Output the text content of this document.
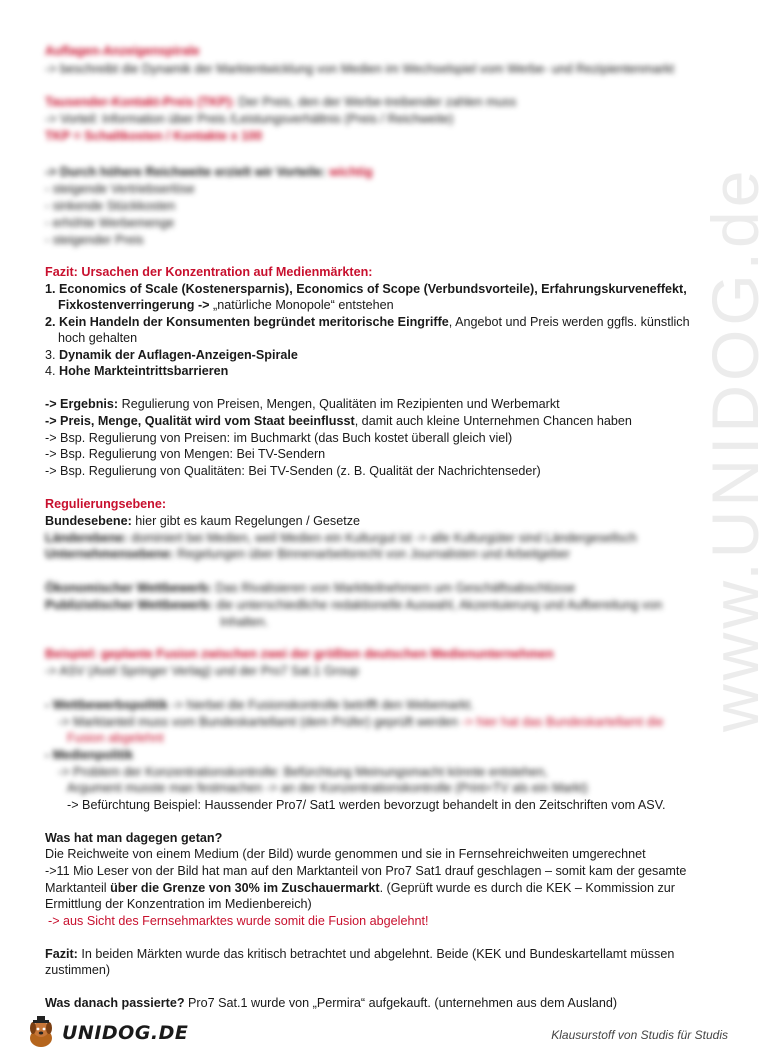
www.UNIDOG.de
Auflagen-Anzeigenspirale
-> beschreibt die Dynamik der Marktentwicklung von Medien im Wechselspiel vom Werbe- und Rezipientenmarkt
Tausender-Kontakt-Preis (TKP): Der Preis, den der Werbe-treibender zahlen muss
-> Vorteil: Information über Preis /Leistungsverhältnis (Preis / Reichweite)
TKP = Schaltkosten / Kontakte x 100
-> Durch höhere Reichweite erzielt wir Vorteile: wichtig
- steigende Vertriebserlöse
- sinkende Stückkosten
- erhöhte Werbemenge
- steigender Preis
Fazit: Ursachen der Konzentration auf Medienmärkten:
1. Economics of Scale (Kostenersparnis), Economics of Scope (Verbundsvorteile), Erfahrungskurveneffekt,
Fixkostenverringerung -> „natürliche Monopole“ entstehen
2. Kein Handeln der Konsumenten begründet meritorische Eingriffe, Angebot und Preis werden ggfls. künstlich
hoch gehalten
3. Dynamik der Auflagen-Anzeigen-Spirale
4. Hohe Markteintrittsbarrieren
-> Ergebnis: Regulierung von Preisen, Mengen, Qualitäten im Rezipienten und Werbemarkt
-> Preis, Menge, Qualität wird vom Staat beeinflusst, damit auch kleine Unternehmen Chancen haben
-> Bsp. Regulierung von Preisen: im Buchmarkt (das Buch kostet überall gleich viel)
-> Bsp. Regulierung von Mengen: Bei TV-Sendern
-> Bsp. Regulierung von Qualitäten: Bei TV-Senden (z. B. Qualität der Nachrichtenseder)
Regulierungsebene:
Bundesebene: hier gibt es kaum Regelungen / Gesetze
Länderebene: dominiert bei Medien, weil Medien ein Kulturgut ist -> alle Kulturgüter sind Ländergesellsch
Unternehmensebene: Regelungen über Binnenarbeitsrecht von Journalisten und Arbeitgeber
Ökonomischer Wettbewerb: Das Rivalisieren von Marktteilnehmern um Geschäftsabschlüsse
Publizistischer Wettbewerb: die unterschiedliche redaktionelle Auswahl, Akzentuierung und Aufbereitung von
Inhalten.
Beispiel: geplante Fusion zwischen zwei der größten deutschen Medienunternehmen
-> ASV (Axel Springer Verlag) und der Pro7 Sat.1 Group
- Wettbewerbspolitik -> hierbei die Fusionskontrolle betrifft den Webemarkt.
-> Marktanteil muss vom Bundeskartellamt (dem Prüfer) geprüft werden -> hier hat das Bundeskartellamt die
Fusion abgelehnt
- Medienpolitik
-> Problem der Konzentrationskontrolle: Befürchtung Meinungsmacht könnte entstehen,
Argument musste man festmachen -> an der Konzentrationskontrolle (Print+TV als ein Markt)
-> Befürchtung Beispiel: Haussender Pro7/ Sat1 werden bevorzugt behandelt in den Zeitschriften vom ASV.
Was hat man dagegen getan?
Die Reichweite von einem Medium (der Bild) wurde genommen und sie in Fernsehreichweiten umgerechnet
->11 Mio Leser von der Bild hat man auf den Marktanteil von Pro7 Sat1 drauf geschlagen – somit kam der gesamte
Marktanteil über die Grenze von 30% im Zuschauermarkt. (Geprüft wurde es durch die KEK – Kommission zur
Ermittlung der Konzentration im Medienbereich)
-> aus Sicht des Fernsehmarktes wurde somit die Fusion abgelehnt!
Fazit: In beiden Märkten wurde das kritisch betrachtet und abgelehnt. Beide (KEK und Bundeskartellamt müssen
zustimmen)
Was danach passierte? Pro7 Sat.1 wurde von „Permira“ aufgekauft. (unternehmen aus dem Ausland)
UNIDOG.DE	Klausurstoff von Studis für Studis
